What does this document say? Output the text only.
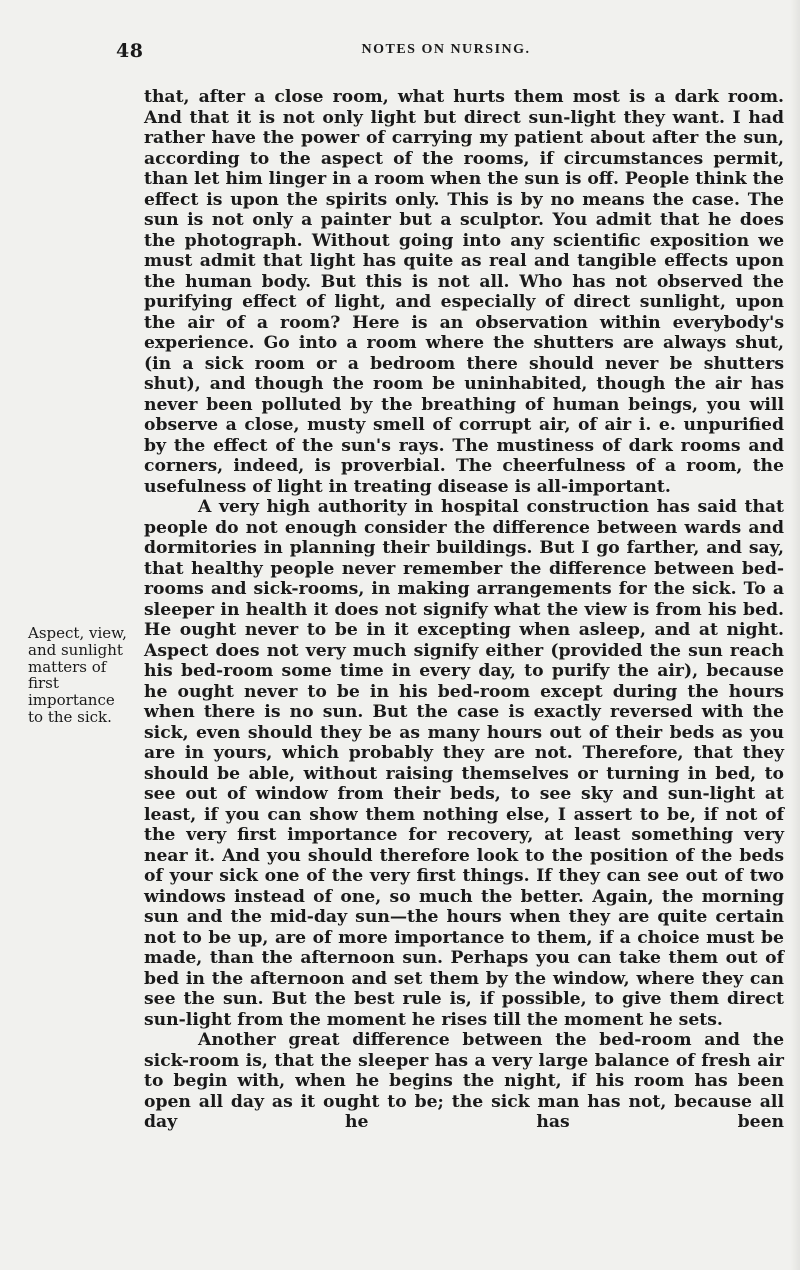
48	NOTES ON NURSING.
Aspect, view,
and sunlight
matters of first
importance
to the sick.

that, after a close room, what hurts them most is a dark room. And that it is not only light but direct sun-light they want. I had rather have the power of carrying my patient about after the sun, according to the aspect of the rooms, if circumstances permit, than let him linger in a room when the sun is off. People think the effect is upon the spirits only. This is by no means the case. The sun is not only a painter but a sculptor. You admit that he does the photograph. Without going into any scientific exposition we must admit that light has quite as real and tangible effects upon the human body. But this is not all. Who has not observed the purifying effect of light, and especially of direct sunlight, upon the air of a room? Here is an observation within everybody's experience. Go into a room where the shutters are always shut, (in a sick room or a bedroom there should never be shutters shut), and though the room be uninhabited, though the air has never been polluted by the breathing of human beings, you will observe a close, musty smell of corrupt air, of air i. e. unpurified by the effect of the sun's rays. The mustiness of dark rooms and corners, indeed, is proverbial. The cheerfulness of a room, the usefulness of light in treating disease is all-important.

A very high authority in hospital construction has said that people do not enough consider the difference between wards and dormitories in planning their buildings. But I go farther, and say, that healthy people never remember the difference between bed-rooms and sick-rooms, in making arrangements for the sick. To a sleeper in health it does not signify what the view is from his bed. He ought never to be in it excepting when asleep, and at night. Aspect does not very much signify either (provided the sun reach his bed-room some time in every day, to purify the air), because he ought never to be in his bed-room except during the hours when there is no sun. But the case is exactly reversed with the sick, even should they be as many hours out of their beds as you are in yours, which probably they are not. Therefore, that they should be able, without raising themselves or turning in bed, to see out of window from their beds, to see sky and sun-light at least, if you can show them nothing else, I assert to be, if not of the very first importance for recovery, at least something very near it. And you should therefore look to the position of the beds of your sick one of the very first things. If they can see out of two windows instead of one, so much the better. Again, the morning sun and the mid-day sun—the hours when they are quite certain not to be up, are of more importance to them, if a choice must be made, than the afternoon sun. Perhaps you can take them out of bed in the afternoon and set them by the window, where they can see the sun. But the best rule is, if possible, to give them direct sun-light from the moment he rises till the moment he sets.

Another great difference between the bed-room and the sick-room is, that the sleeper has a very large balance of fresh air to begin with, when he begins the night, if his room has been open all day as it ought to be; the sick man has not, because all day he has been
